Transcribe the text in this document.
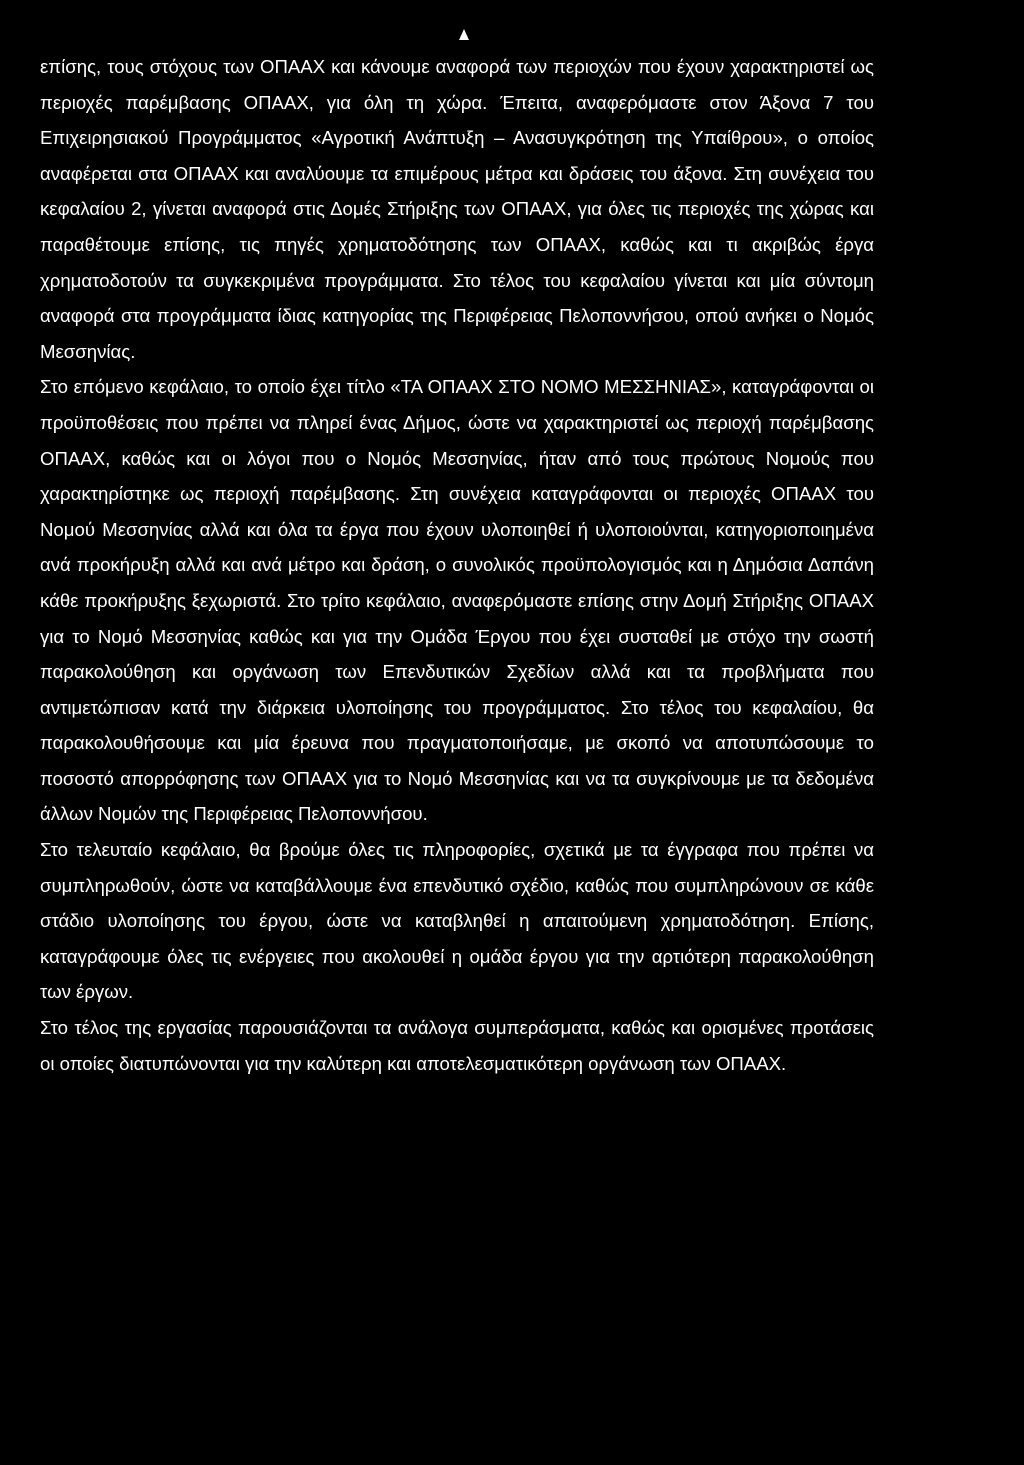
επίσης, τους στόχους των ΟΠΑΑΧ και κάνουμε αναφορά των περιοχών που έχουν χαρακτηριστεί ως περιοχές παρέμβασης ΟΠΑΑΧ, για όλη τη χώρα. Έπειτα, αναφερόμαστε στον Άξονα 7 του Επιχειρησιακού Προγράμματος «Αγροτική Ανάπτυξη – Ανασυγκρότηση της Υπαίθρου», ο οποίος αναφέρεται στα ΟΠΑΑΧ και αναλύουμε τα επιμέρους μέτρα και δράσεις του άξονα. Στη συνέχεια του κεφαλαίου 2, γίνεται αναφορά στις Δομές Στήριξης των ΟΠΑΑΧ, για όλες τις περιοχές της χώρας και παραθέτουμε επίσης, τις πηγές χρηματοδότησης των ΟΠΑΑΧ, καθώς και τι ακριβώς έργα χρηματοδοτούν τα συγκεκριμένα προγράμματα. Στο τέλος του κεφαλαίου γίνεται και μία σύντομη αναφορά στα προγράμματα ίδιας κατηγορίας της Περιφέρειας Πελοποννήσου, οπού ανήκει ο Νομός Μεσσηνίας.

Στο επόμενο κεφάλαιο, το οποίο έχει τίτλο «ΤΑ ΟΠΑΑΧ ΣΤΟ ΝΟΜΟ ΜΕΣΣΗΝΙΑΣ», καταγράφονται οι προϋποθέσεις που πρέπει να πληρεί ένας Δήμος, ώστε να χαρακτηριστεί ως περιοχή παρέμβασης ΟΠΑΑΧ, καθώς και οι λόγοι που ο Νομός Μεσσηνίας, ήταν από τους πρώτους Νομούς που χαρακτηρίστηκε ως περιοχή παρέμβασης. Στη συνέχεια καταγράφονται οι περιοχές ΟΠΑΑΧ του Νομού Μεσσηνίας αλλά και όλα τα έργα που έχουν υλοποιηθεί ή υλοποιούνται, κατηγοριοποιημένα ανά προκήρυξη αλλά και ανά μέτρο και δράση, ο συνολικός προϋπολογισμός και η Δημόσια Δαπάνη κάθε προκήρυξης ξεχωριστά. Στο τρίτο κεφάλαιο, αναφερόμαστε επίσης στην Δομή Στήριξης ΟΠΑΑΧ για το Νομό Μεσσηνίας καθώς και για την Ομάδα Έργου που έχει συσταθεί με στόχο την σωστή παρακολούθηση και οργάνωση των Επενδυτικών Σχεδίων αλλά και τα προβλήματα που αντιμετώπισαν κατά την διάρκεια υλοποίησης του προγράμματος. Στο τέλος του κεφαλαίου, θα παρακολουθήσουμε και μία έρευνα που πραγματοποιήσαμε, με σκοπό να αποτυπώσουμε το ποσοστό απορρόφησης των ΟΠΑΑΧ για το Νομό Μεσσηνίας και να τα συγκρίνουμε με τα δεδομένα άλλων Νομών της Περιφέρειας Πελοποννήσου.

Στο τελευταίο κεφάλαιο, θα βρούμε όλες τις πληροφορίες, σχετικά με τα έγγραφα που πρέπει να συμπληρωθούν, ώστε να καταβάλλουμε ένα επενδυτικό σχέδιο, καθώς που συμπληρώνουν σε κάθε στάδιο υλοποίησης του έργου, ώστε να καταβληθεί η απαιτούμενη χρηματοδότηση. Επίσης, καταγράφουμε όλες τις ενέργειες που ακολουθεί η ομάδα έργου για την αρτιότερη παρακολούθηση των έργων.

Στο τέλος της εργασίας παρουσιάζονται τα ανάλογα συμπεράσματα, καθώς και ορισμένες προτάσεις οι οποίες διατυπώνονται για την καλύτερη και αποτελεσματικότερη οργάνωση των ΟΠΑΑΧ.
